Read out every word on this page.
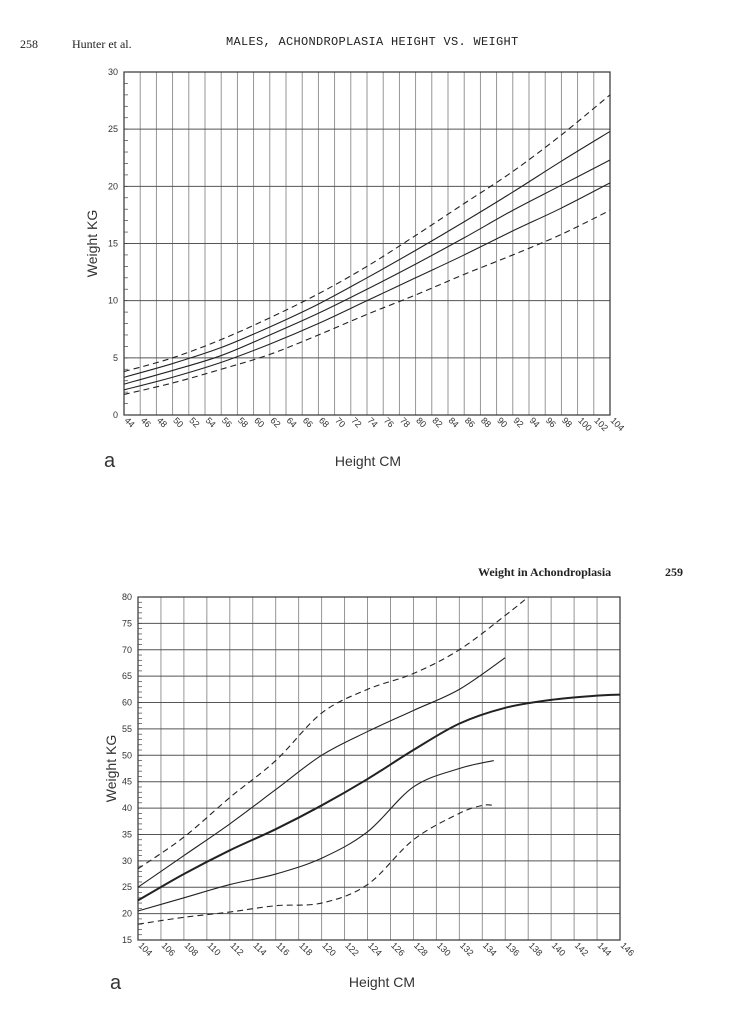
258	Hunter et al.	MALES, ACHONDROPLASIA HEIGHT VS. WEIGHT
Weight in Achondroplasia	259
0
5
10
15
20
25
30
44 46 48 50 52 54 56 58 60 62 64 66 68 70 72 74 76 78 80 82 84 86 88 90 92 94 96 98 100
102
104
Weight KG
Height CM
a
15
20
25
30
35
40
45
50
55
60
65
70
75
80
104 106 108 110 112 114 116 118 120 122 124 126 128 130 132 134 136 138 140 142 144 146
Weight KG
Height CM
a
